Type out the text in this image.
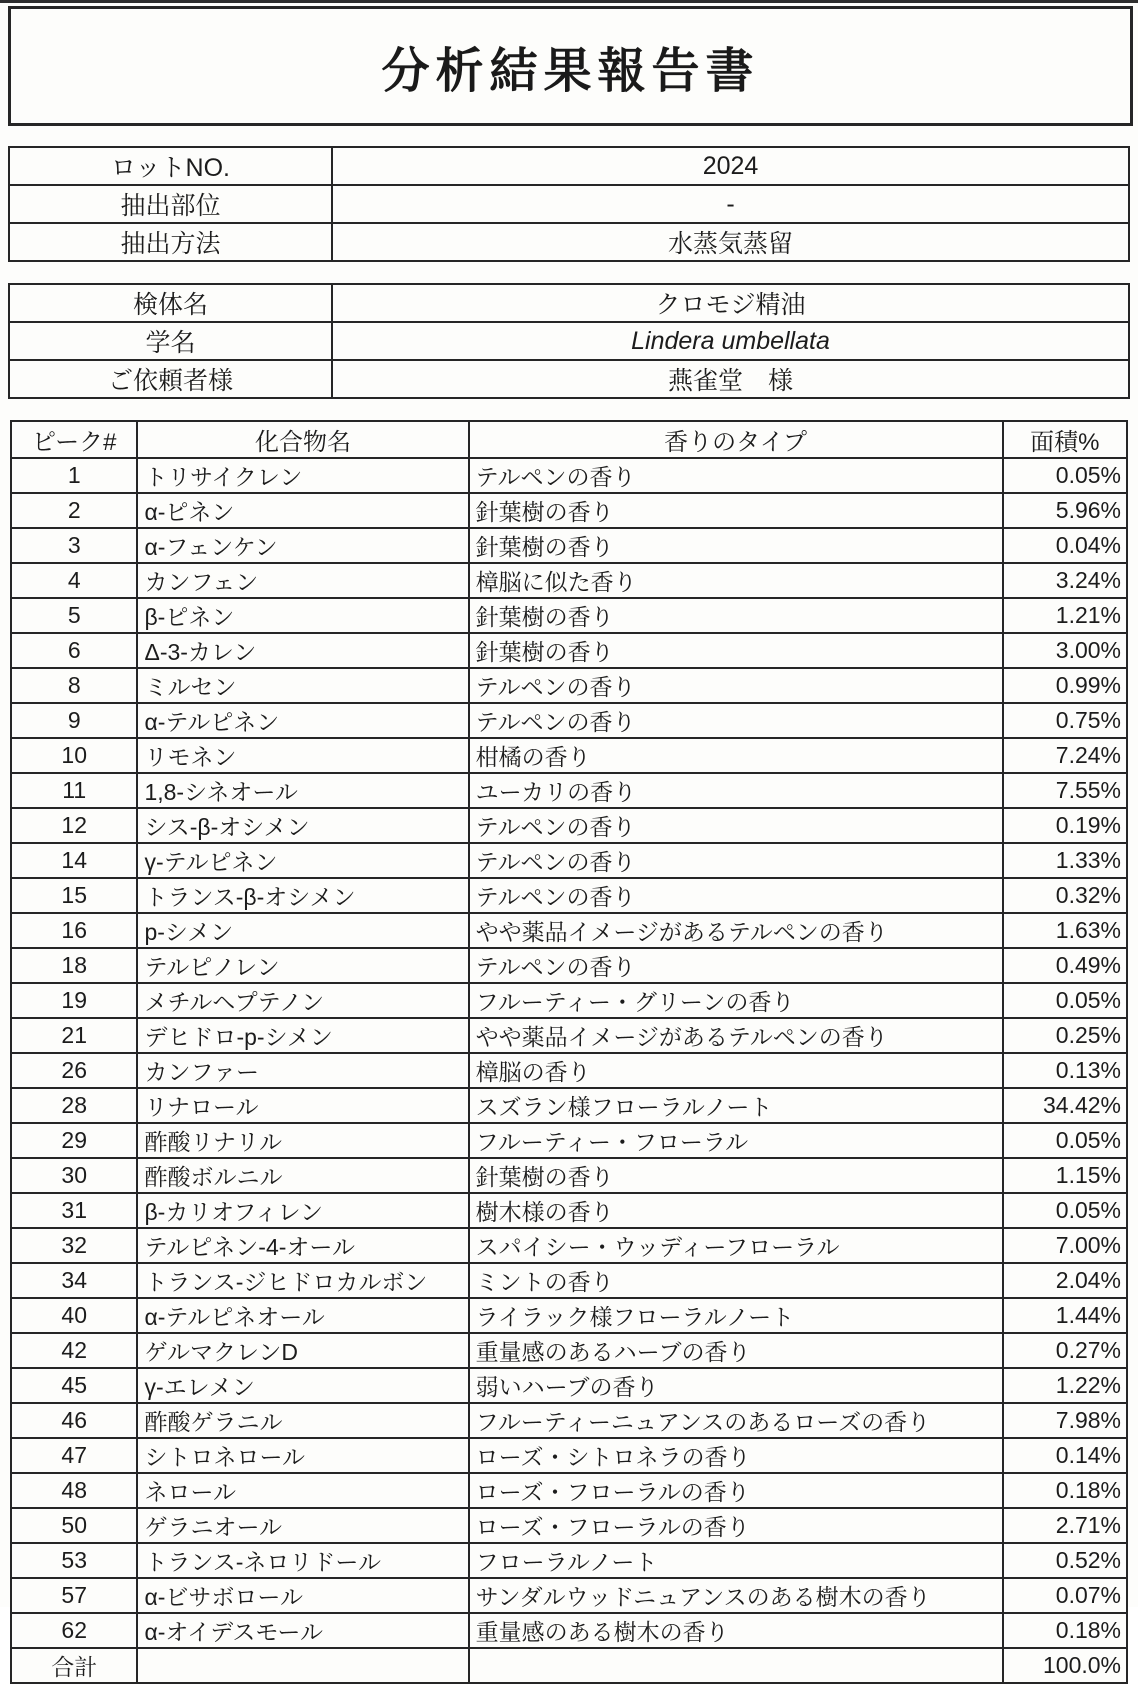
分析結果報告書
ロットNO.	2024
抽出部位	-
抽出方法	水蒸気蒸留
検体名	クロモジ精油
学名	Lindera umbellata
ご依頼者様	燕雀堂　様
ピーク#	化合物名	香りのタイプ	面積%
1	トリサイクレン	テルペンの香り	0.05%
2	α-ピネン	針葉樹の香り	5.96%
3	α-フェンケン	針葉樹の香り	0.04%
4	カンフェン	樟脳に似た香り	3.24%
5	β-ピネン	針葉樹の香り	1.21%
6	Δ-3-カレン	針葉樹の香り	3.00%
8	ミルセン	テルペンの香り	0.99%
9	α-テルピネン	テルペンの香り	0.75%
10	リモネン	柑橘の香り	7.24%
11	1,8-シネオール	ユーカリの香り	7.55%
12	シス-β-オシメン	テルペンの香り	0.19%
14	γ-テルピネン	テルペンの香り	1.33%
15	トランス-β-オシメン	テルペンの香り	0.32%
16	p-シメン	やや薬品イメージがあるテルペンの香り	1.63%
18	テルピノレン	テルペンの香り	0.49%
19	メチルヘプテノン	フルーティー・グリーンの香り	0.05%
21	デヒドロ-p-シメン	やや薬品イメージがあるテルペンの香り	0.25%
26	カンファー	樟脳の香り	0.13%
28	リナロール	スズラン様フローラルノート	34.42%
29	酢酸リナリル	フルーティー・フローラル	0.05%
30	酢酸ボルニル	針葉樹の香り	1.15%
31	β-カリオフィレン	樹木様の香り	0.05%
32	テルピネン-4-オール	スパイシー・ウッディーフローラル	7.00%
34	トランス-ジヒドロカルボン	ミントの香り	2.04%
40	α-テルピネオール	ライラック様フローラルノート	1.44%
42	ゲルマクレンD	重量感のあるハーブの香り	0.27%
45	γ-エレメン	弱いハーブの香り	1.22%
46	酢酸ゲラニル	フルーティーニュアンスのあるローズの香り	7.98%
47	シトロネロール	ローズ・シトロネラの香り	0.14%
48	ネロール	ローズ・フローラルの香り	0.18%
50	ゲラニオール	ローズ・フローラルの香り	2.71%
53	トランス-ネロリドール	フローラルノート	0.52%
57	α-ビサボロール	サンダルウッドニュアンスのある樹木の香り	0.07%
62	α-オイデスモール	重量感のある樹木の香り	0.18%
合計			100.0%
